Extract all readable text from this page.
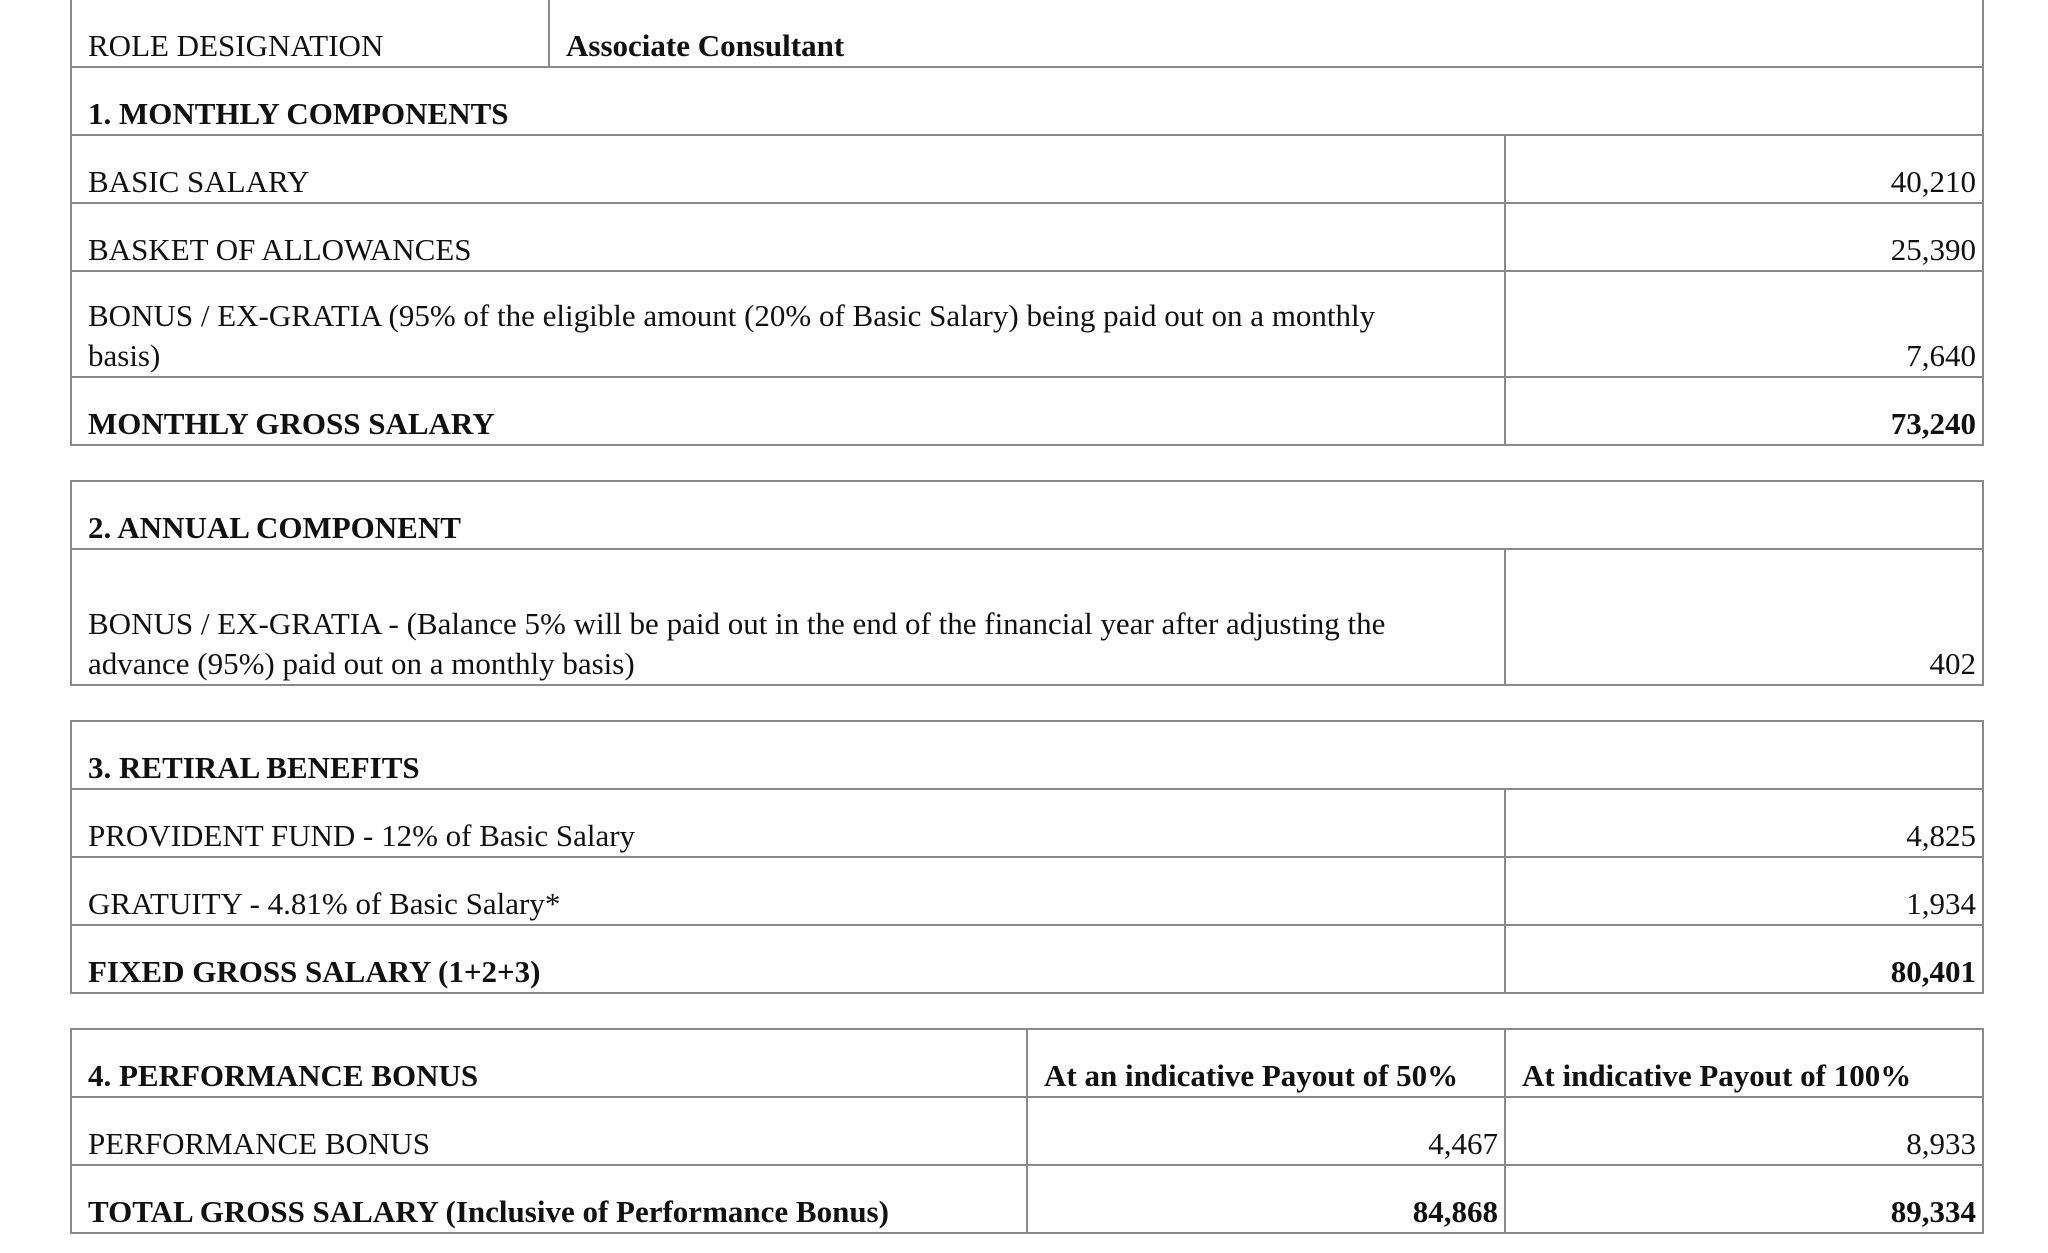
ROLE DESIGNATION	Associate Consultant	
1. MONTHLY COMPONENTS		
BASIC SALARY		40,210
BASKET OF ALLOWANCES		25,390
BONUS / EX-GRATIA (95% of the eligible amount (20% of Basic Salary) being paid out on a monthly basis)		7,640
MONTHLY GROSS SALARY		73,240
2. ANNUAL COMPONENT
BONUS / EX-GRATIA - (Balance 5% will be paid out in the end of the financial year after adjusting the advance (95%) paid out on a monthly basis)	402
3. RETIRAL BENEFITS	
PROVIDENT FUND - 12% of Basic Salary	4,825
GRATUITY - 4.81% of Basic Salary*	1,934
FIXED GROSS SALARY (1+2+3)	80,401
4. PERFORMANCE BONUS	At an indicative Payout of 50%	At indicative Payout of 100%
PERFORMANCE BONUS	4,467	8,933
TOTAL GROSS SALARY (Inclusive of Performance Bonus)	84,868	89,334
